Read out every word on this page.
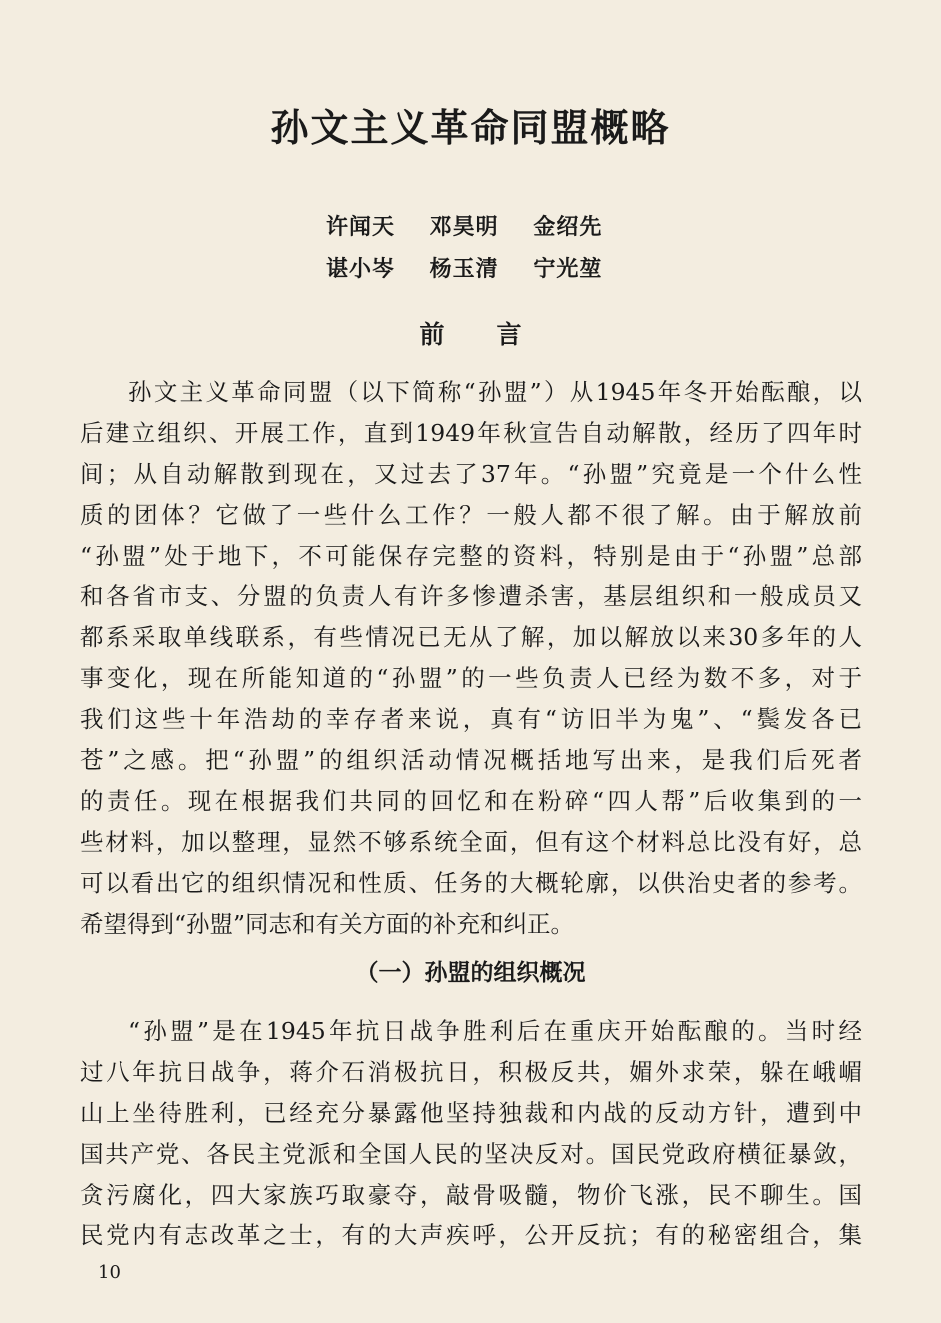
孙文主义革命同盟概略
许闻天 邓昊明 金绍先
谌小岑 杨玉清 宁光堃
前言
孙文主义革命同盟（以下简称“孙盟”）从1945年冬开始酝酿，以
后建立组织、开展工作，直到1949年秋宣告自动解散，经历了四年时
间；从自动解散到现在，又过去了37年。“孙盟”究竟是一个什么性
质的团体？它做了一些什么工作？一般人都不很了解。由于解放前
“孙盟”处于地下，不可能保存完整的资料，特别是由于“孙盟”总部
和各省市支、分盟的负责人有许多惨遭杀害，基层组织和一般成员又
都系采取单线联系，有些情况已无从了解，加以解放以来30多年的人
事变化，现在所能知道的“孙盟”的一些负责人已经为数不多，对于
我们这些十年浩劫的幸存者来说，真有“访旧半为鬼”、“鬓发各已
苍”之感。把“孙盟”的组织活动情况概括地写出来，是我们后死者
的责任。现在根据我们共同的回忆和在粉碎“四人帮”后收集到的一
些材料，加以整理，显然不够系统全面，但有这个材料总比没有好，总
可以看出它的组织情况和性质、任务的大概轮廓，以供治史者的参考。
希望得到“孙盟”同志和有关方面的补充和纠正。
（一）孙盟的组织概况
“孙盟”是在1945年抗日战争胜利后在重庆开始酝酿的。当时经
过八年抗日战争，蒋介石消极抗日，积极反共，媚外求荣，躲在峨嵋
山上坐待胜利，已经充分暴露他坚持独裁和内战的反动方针，遭到中
国共产党、各民主党派和全国人民的坚决反对。国民党政府横征暴敛，
贪污腐化，四大家族巧取豪夺，敲骨吸髓，物价飞涨，民不聊生。国
民党内有志改革之士，有的大声疾呼，公开反抗；有的秘密组合，集
10
